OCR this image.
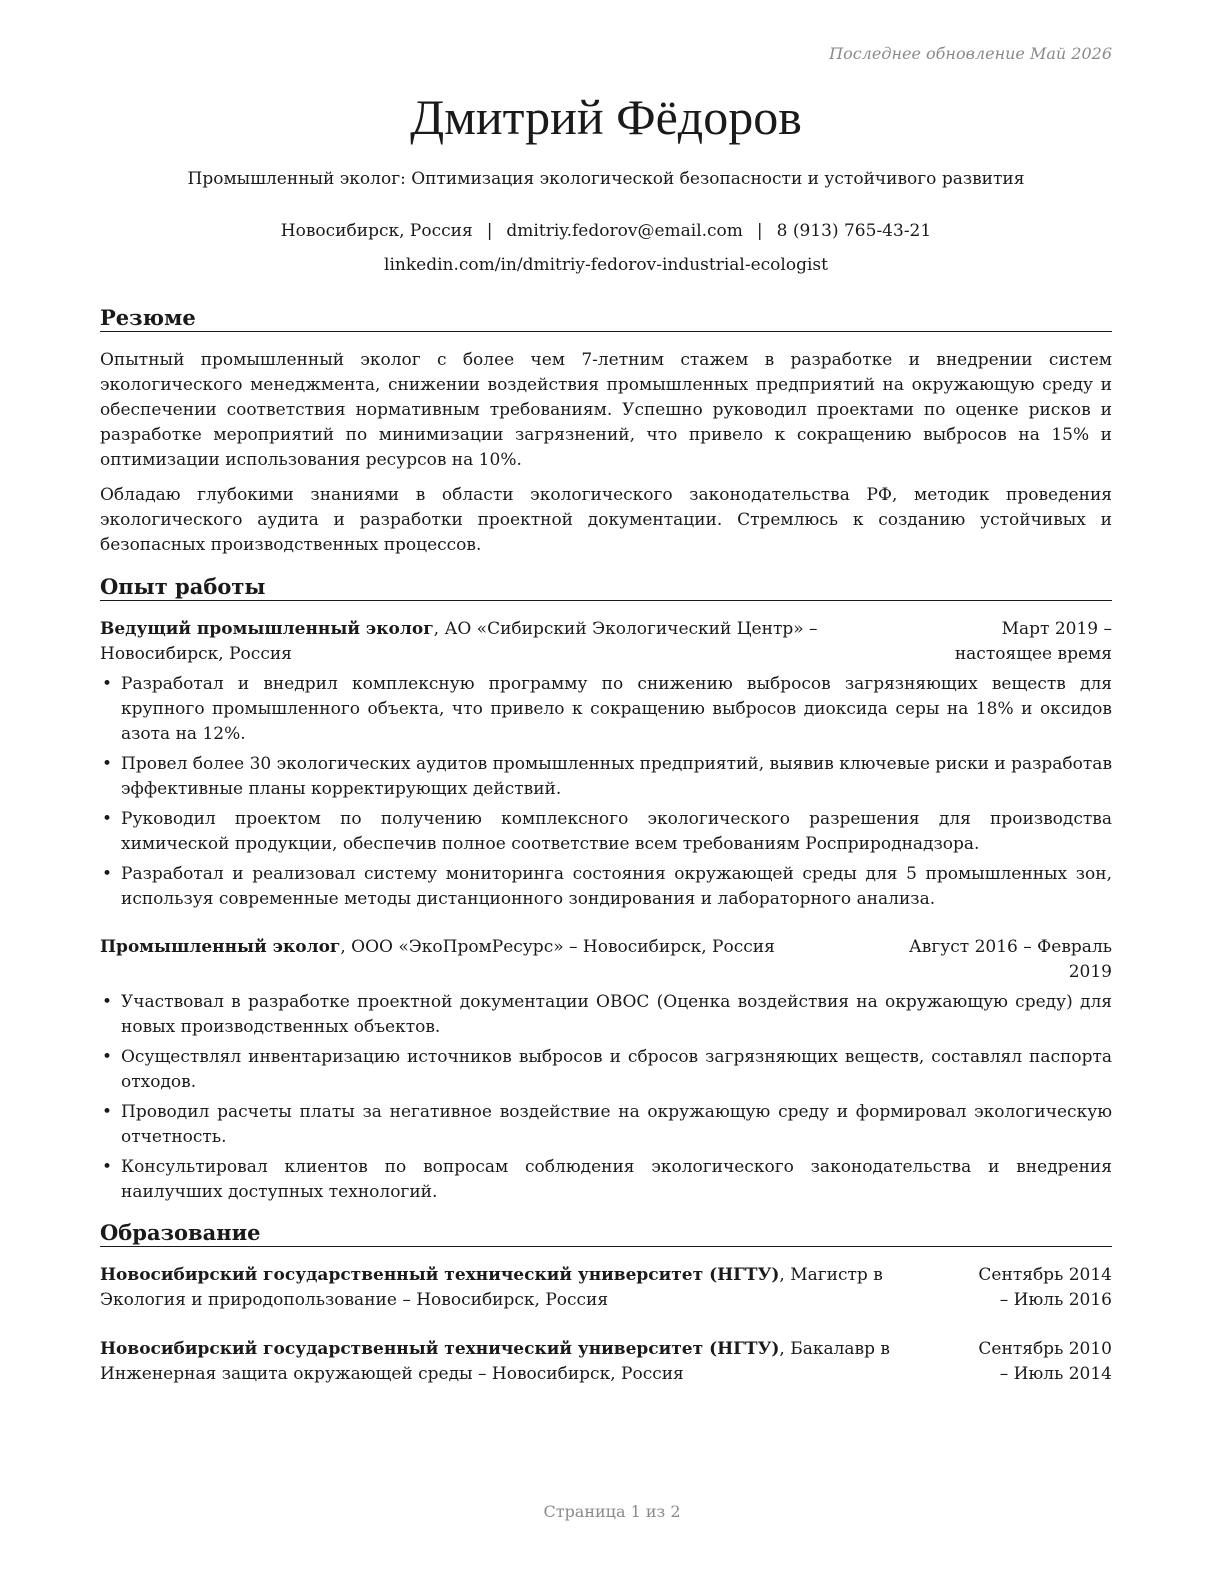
Последнее обновление Май 2026
Дмитрий Фёдоров
Промышленный эколог: Оптимизация экологической безопасности и устойчивого развития
Новосибирск, Россия | dmitriy.fedorov@email.com | 8 (913) 765-43-21
linkedin.com/in/dmitriy-fedorov-industrial-ecologist
Резюме

Опытный промышленный эколог с более чем 7-летним стажем в разработке и внедрении систем экологического менеджмента, снижении воздействия промышленных предприятий на окружающую среду и обеспечении соответствия нормативным требованиям. Успешно руководил проектами по оценке рисков и разработке мероприятий по минимизации загрязнений, что привело к сокращению выбросов на 15% и оптимизации использования ресурсов на 10%.

Обладаю глубокими знаниями в области экологического законодательства РФ, методик проведения экологического аудита и разработки проектной документации. Стремлюсь к созданию устойчивых и безопасных производственных процессов.

Опыт работы
Ведущий промышленный эколог, АО «Сибирский Экологический Центр» – Новосибирск, Россия
Март 2019 – настоящее время
• Разработал и внедрил комплексную программу по снижению выбросов загрязняющих веществ для крупного промышленного объекта, что привело к сокращению выбросов диоксида серы на 18% и оксидов азота на 12%.
• Провел более 30 экологических аудитов промышленных предприятий, выявив ключевые риски и разработав эффективные планы корректирующих действий.
• Руководил проектом по получению комплексного экологического разрешения для производства химической продукции, обеспечив полное соответствие всем требованиям Росприроднадзора.
• Разработал и реализовал систему мониторинга состояния окружающей среды для 5 промышленных зон, используя современные методы дистанционного зондирования и лабораторного анализа.
Промышленный эколог, ООО «ЭкоПромРесурс» – Новосибирск, Россия	Август 2016 – Февраль 2019
• Участвовал в разработке проектной документации ОВОС (Оценка воздействия на окружающую среду) для новых производственных объектов.
• Осуществлял инвентаризацию источников выбросов и сбросов загрязняющих веществ, составлял паспорта отходов.
• Проводил расчеты платы за негативное воздействие на окружающую среду и формировал экологическую отчетность.
• Консультировал клиентов по вопросам соблюдения экологического законодательства и внедрения наилучших доступных технологий.
Образование
Новосибирский государственный технический университет (НГТУ), Магистр в Экология и природопользование – Новосибирск, Россия
Сентябрь 2014 – Июль 2016
Новосибирский государственный технический университет (НГТУ), Бакалавр в Инженерная защита окружающей среды – Новосибирск, Россия
Сентябрь 2010 – Июль 2014
Страница 1 из 2
